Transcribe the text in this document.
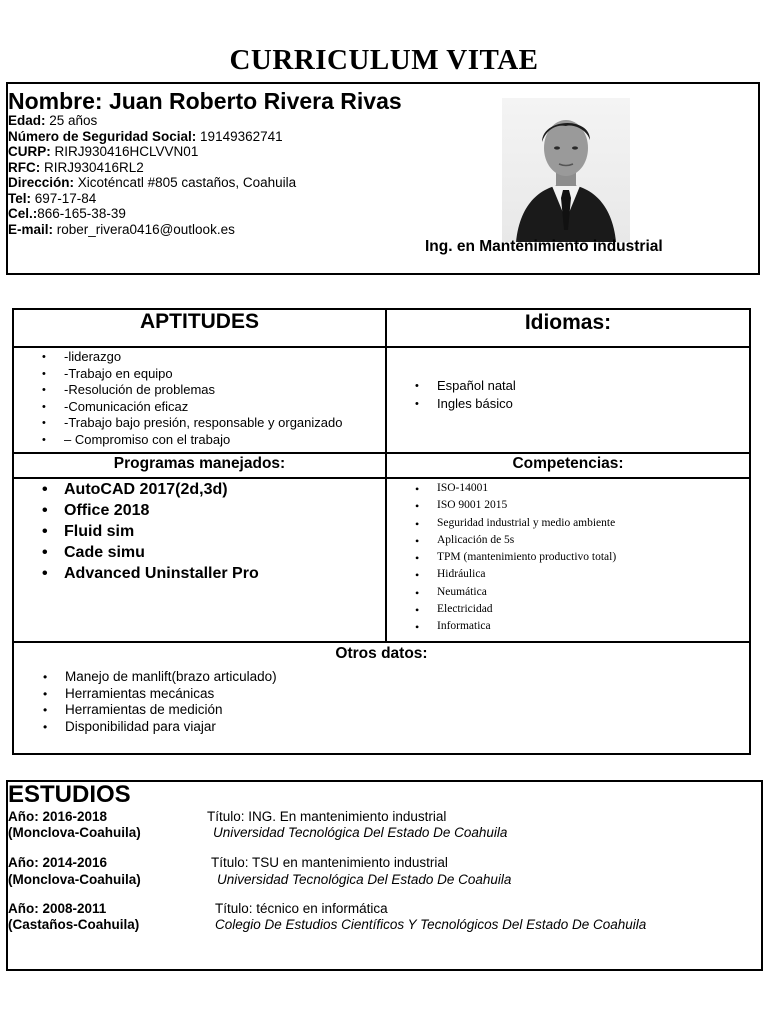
CURRICULUM VITAE
Nombre: Juan Roberto Rivera Rivas
Edad: 25 años
Número de Seguridad Social: 19149362741
CURP: RIRJ930416HCLVVN01
RFC: RIRJ930416RL2
Dirección: Xicoténcatl #805 castaños, Coahuila
Tel: 697-17-84
Cel.:866-165-38-39
E-mail: rober_rivera0416@outlook.es
Ing. en Mantenimiento industrial
APTITUDES	Idiomas:
• -liderazgo
• -Trabajo en equipo
• -Resolución de problemas
• -Comunicación eficaz
• -Trabajo bajo presión, responsable y organizado
• – Compromiso con el trabajo
• Español natal
• Ingles básico
Programas manejados:	Competencias:
• AutoCAD 2017(2d,3d)
• Office 2018
• Fluid sim
• Cade simu
• Advanced Uninstaller Pro
• ISO-14001
• ISO 9001 2015
• Seguridad industrial y medio ambiente
• Aplicación de 5s
• TPM (mantenimiento productivo total)
• Hidráulica
• Neumática
• Electricidad
• Informatica
Otros datos:
• Manejo de manlift(brazo articulado)
• Herramientas mecánicas
• Herramientas de medición
• Disponibilidad para viajar
ESTUDIOS
Año: 2016-2018
(Monclova-Coahuila)
Título: ING. En mantenimiento industrial
Universidad Tecnológica Del Estado De Coahuila
Año: 2014-2016
(Monclova-Coahuila)
Título: TSU en mantenimiento industrial
Universidad Tecnológica Del Estado De Coahuila
Año: 2008-2011
(Castaños-Coahuila)
Título: técnico en informática
Colegio De Estudios Científicos Y Tecnológicos Del Estado De Coahuila
